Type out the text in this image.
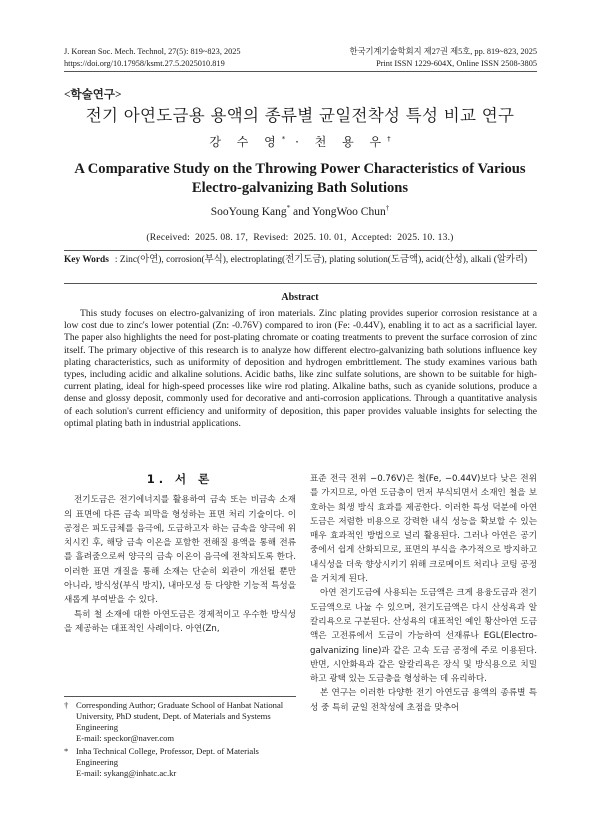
J. Korean Soc. Mech. Technol, 27(5): 819~823, 2025	한국기계기술학회지 제27권 제5호, pp. 819~823, 2025
https://doi.org/10.17958/ksmt.27.5.2025010.819	Print ISSN 1229-604X, Online ISSN 2508-3805
<학술연구>
전기 아연도금용 용액의 종류별 균일전착성 특성 비교 연구
강 수 영* · 천 용 우†
A Comparative Study on the Throwing Power Characteristics of Various
Electro-galvanizing Bath Solutions
SooYoung Kang* and YongWoo Chun†
(Received:  2025. 08. 17,  Revised:  2025. 10. 01,  Accepted:  2025. 10. 13.)
Key Words : Zinc(아연), corrosion(부식), electroplating(전기도금), plating solution(도금액), acid(산성), alkali (알카리)
Abstract

This study focuses on electro-galvanizing of iron materials. Zinc plating provides superior corrosion resistance at a low cost due to zinc's lower potential (Zn: -0.76V) compared to iron (Fe: -0.44V), enabling it to act as a sacrificial layer. The paper also highlights the need for post-plating chromate or coating treatments to prevent the surface corrosion of zinc itself. The primary objective of this research is to analyze how different electro-galvanizing bath solutions influence key plating characteristics, such as uniformity of deposition and hydrogen embrittlement. The study examines various bath types, including acidic and alkaline solutions. Acidic baths, like zinc sulfate solutions, are shown to be suitable for high-current plating, ideal for high-speed processes like wire rod plating. Alkaline baths, such as cyanide solutions, produce a dense and glossy deposit, commonly used for decorative and anti-corrosion applications. Through a quantitative analysis of each solution's current efficiency and uniformity of deposition, this paper provides valuable insights for selecting the optimal plating bath in industrial applications.

1. 서 론

전기도금은 전기에너지를 활용하여 금속 또는 비금속 소재의 표면에 다른 금속 피막을 형성하는 표면 처리 기술이다. 이 공정은 피도금체를 음극에, 도금하고자 하는 금속을 양극에 위치시킨 후, 해당 금속 이온을 포함한 전해질 용액을 통해 전류를 흘려줌으로써 양극의 금속 이온이 음극에 전착되도록 한다. 이러한 표면 개질을 통해 소재는 단순히 외관이 개선될 뿐만 아니라, 방식성(부식 방지), 내마모성 등 다양한 기능적 특성을 새롭게 부여받을 수 있다.

특히 철 소재에 대한 아연도금은 경제적이고 우수한 방식성을 제공하는 대표적인 사례이다. 아연(Zn,

표준 전극 전위 −0.76V)은 철(Fe, −0.44V)보다 낮은 전위를 가지므로, 아연 도금층이 먼저 부식되면서 소재인 철을 보호하는 희생 방식 효과를 제공한다. 이러한 특성 덕분에 아연도금은 저렴한 비용으로 강력한 내식 성능을 확보할 수 있는 매우 효과적인 방법으로 널리 활용된다. 그러나 아연은 공기 중에서 쉽게 산화되므로, 표면의 부식을 추가적으로 방지하고 내식성을 더욱 향상시키기 위해 크로메이트 처리나 코팅 공정을 거치게 된다.

아연 전기도금에 사용되는 도금액은 크게 용융도금과 전기도금액으로 나눌 수 있으며, 전기도금액은 다시 산성욕과 알칼리욕으로 구분된다. 산성욕의 대표적인 예인 황산아연 도금액은 고전류에서 도금이 가능하여 선재류나 EGL(Electro-galvanizing line)과 같은 고속 도금 공정에 주로 이용된다. 반면, 시안화욕과 같은 알칼리욕은 장식 및 방식용으로 치밀하고 광택 있는 도금층을 형성하는 데 유리하다.

본 연구는 이러한 다양한 전기 아연도금 용액의 종류별 특성 중 특히 균일 전착성에 초점을 맞추어

† Corresponding Author; Graduate School of Hanbat National University, PhD student, Dept. of Materials and Systems Engineering
E-mail: speckor@naver.com
* Inha Technical College, Professor, Dept. of Materials Engineering
E-mail: sykang@inhatc.ac.kr
